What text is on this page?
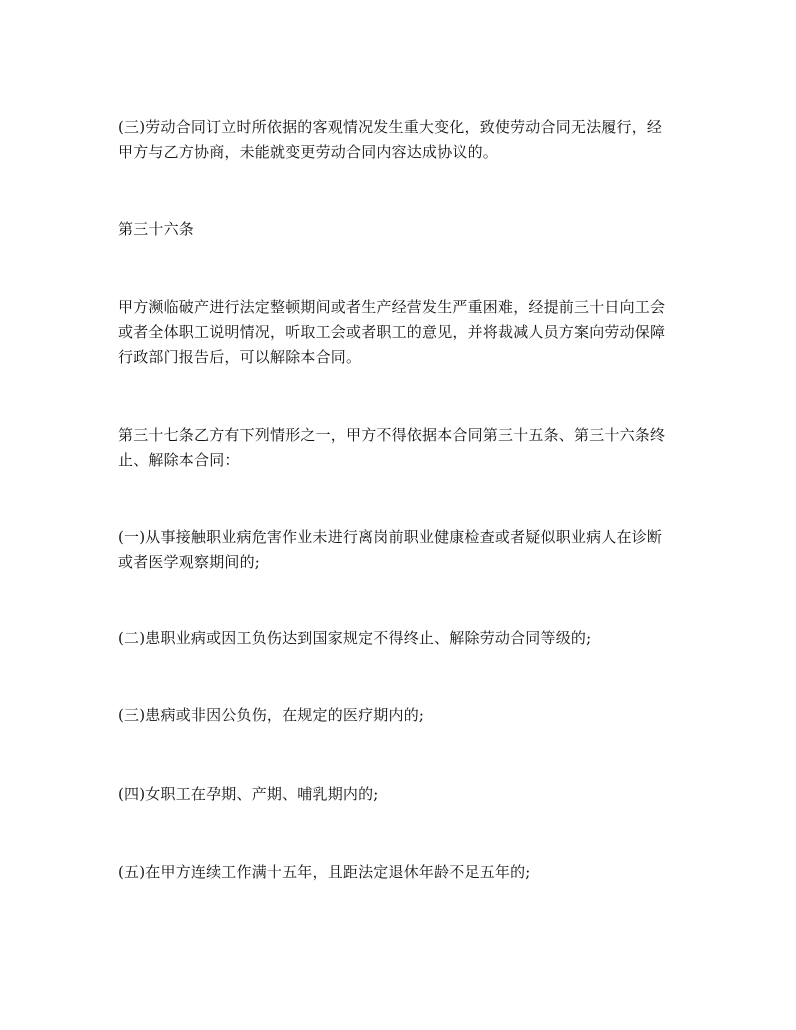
(三)劳动合同订立时所依据的客观情况发生重大变化，致使劳动合同无法履行，经
甲方与乙方协商，未能就变更劳动合同内容达成协议的。

第三十六条

甲方濒临破产进行法定整顿期间或者生产经营发生严重困难，经提前三十日向工会
或者全体职工说明情况，听取工会或者职工的意见，并将裁减人员方案向劳动保障
行政部门报告后，可以解除本合同。

第三十七条乙方有下列情形之一，甲方不得依据本合同第三十五条、第三十六条终
止、解除本合同：

(一)从事接触职业病危害作业未进行离岗前职业健康检查或者疑似职业病人在诊断
或者医学观察期间的;

(二)患职业病或因工负伤达到国家规定不得终止、解除劳动合同等级的;

(三)患病或非因公负伤，在规定的医疗期内的;

(四)女职工在孕期、产期、哺乳期内的;

(五)在甲方连续工作满十五年，且距法定退休年龄不足五年的;
